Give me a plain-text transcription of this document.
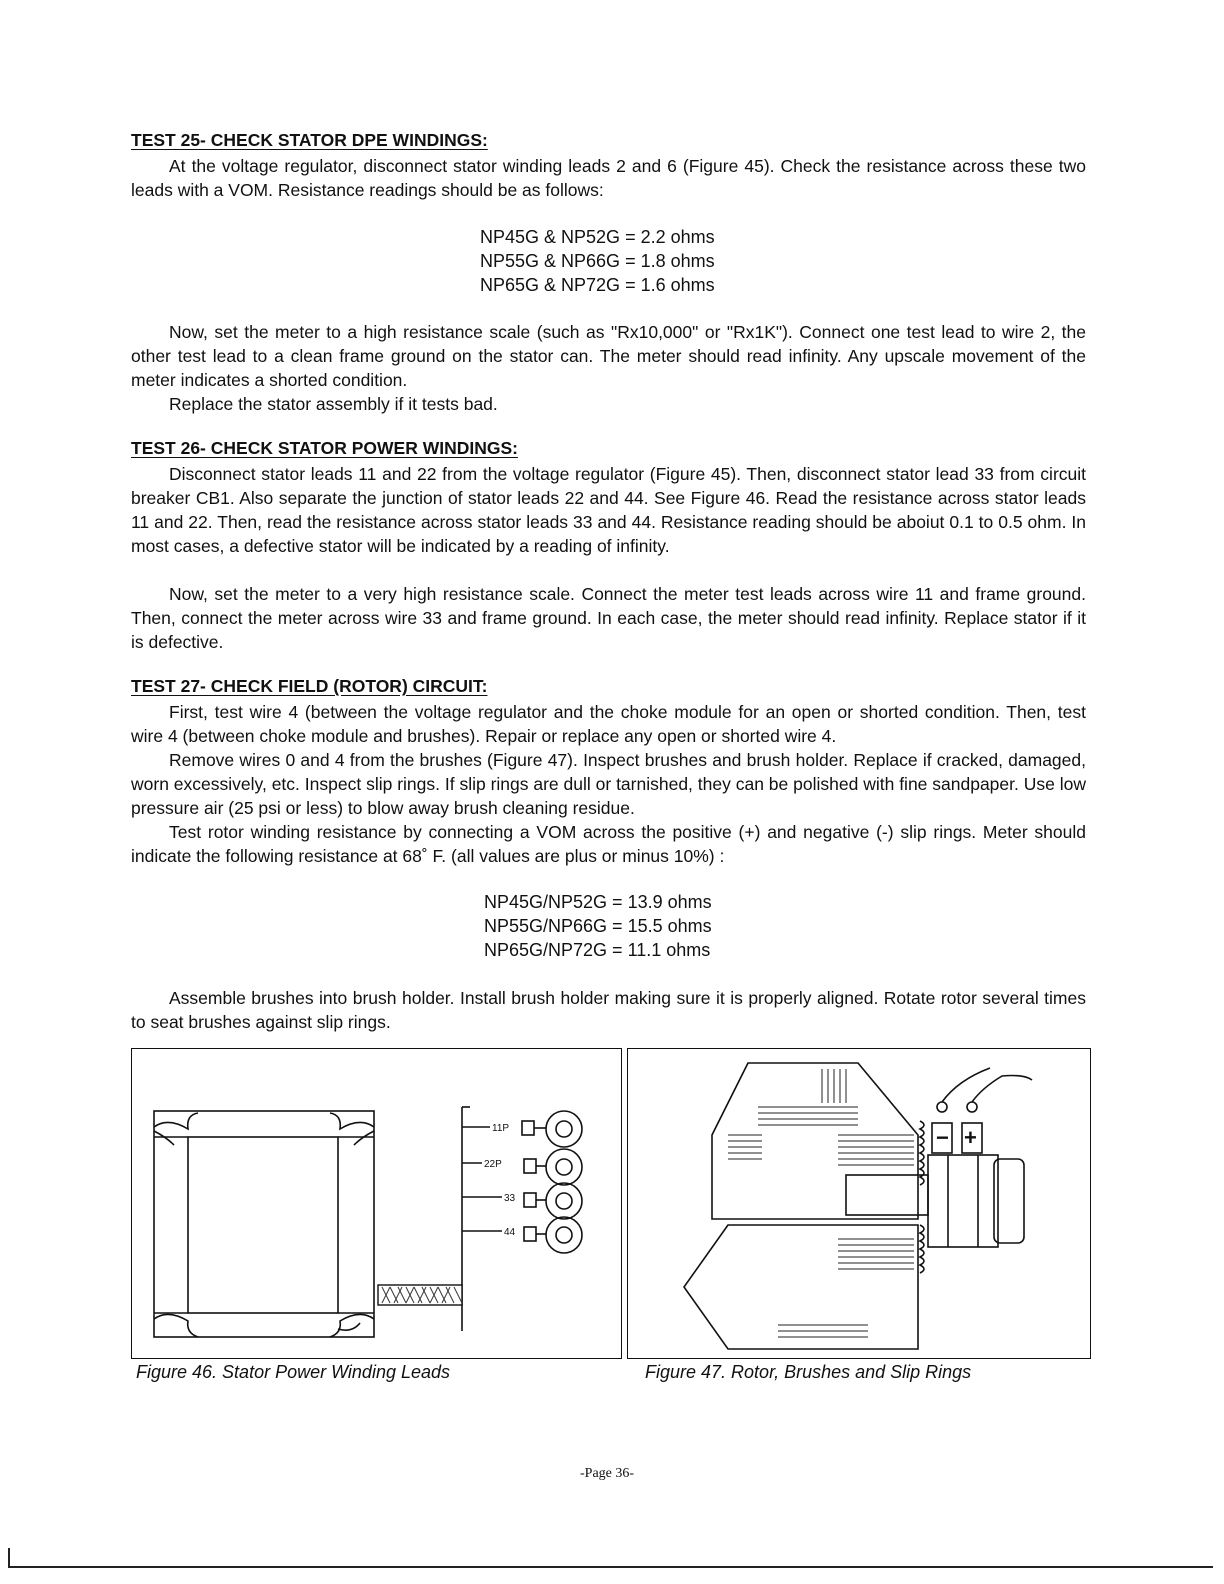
TEST 25- CHECK STATOR DPE WINDINGS:

At the voltage regulator, disconnect stator winding leads 2 and 6 (Figure 45). Check the resistance across these two leads with a VOM. Resistance readings should be as follows:

NP45G & NP52G = 2.2 ohms
NP55G & NP66G = 1.8 ohms
NP65G & NP72G = 1.6 ohms

Now, set the meter to a high resistance scale (such as "Rx10,000" or "Rx1K"). Connect one test lead to wire 2, the other test lead to a clean frame ground on the stator can. The meter should read infinity. Any upscale movement of the meter indicates a shorted condition.

Replace the stator assembly if it tests bad.

TEST 26- CHECK STATOR POWER WINDINGS:

Disconnect stator leads 11 and 22 from the voltage regulator (Figure 45). Then, disconnect stator lead 33 from circuit breaker CB1. Also separate the junction of stator leads 22 and 44. See Figure 46. Read the resistance across stator leads 11 and 22. Then, read the resistance across stator leads 33 and 44. Resistance reading should be aboiut 0.1 to 0.5 ohm. In most cases, a defective stator will be indicated by a reading of infinity.

Now, set the meter to a very high resistance scale. Connect the meter test leads across wire 11 and frame ground. Then, connect the meter across wire 33 and frame ground. In each case, the meter should read infinity. Replace stator if it is defective.

TEST 27- CHECK FIELD (ROTOR) CIRCUIT:

First, test wire 4 (between the voltage regulator and the choke module for an open or shorted condition. Then, test wire 4 (between choke module and brushes). Repair or replace any open or shorted wire 4.

Remove wires 0 and 4 from the brushes (Figure 47). Inspect brushes and brush holder. Replace if cracked, damaged, worn excessively, etc. Inspect slip rings. If slip rings are dull or tarnished, they can be polished with fine sandpaper. Use low pressure air (25 psi or less) to blow away brush cleaning residue.

Test rotor winding resistance by connecting a VOM across the positive (+) and negative (-) slip rings. Meter should indicate the following resistance at 68˚ F. (all values are plus or minus 10%) :

NP45G/NP52G = 13.9 ohms
NP55G/NP66G = 15.5 ohms
NP65G/NP72G = 11.1 ohms

Assemble brushes into brush holder. Install brush holder making sure it is properly aligned. Rotate rotor several times to seat brushes against slip rings.

11P
22P
33
44

Figure 46. Stator Power Winding Leads

− +

Figure 47. Rotor, Brushes and Slip Rings

-Page 36-
